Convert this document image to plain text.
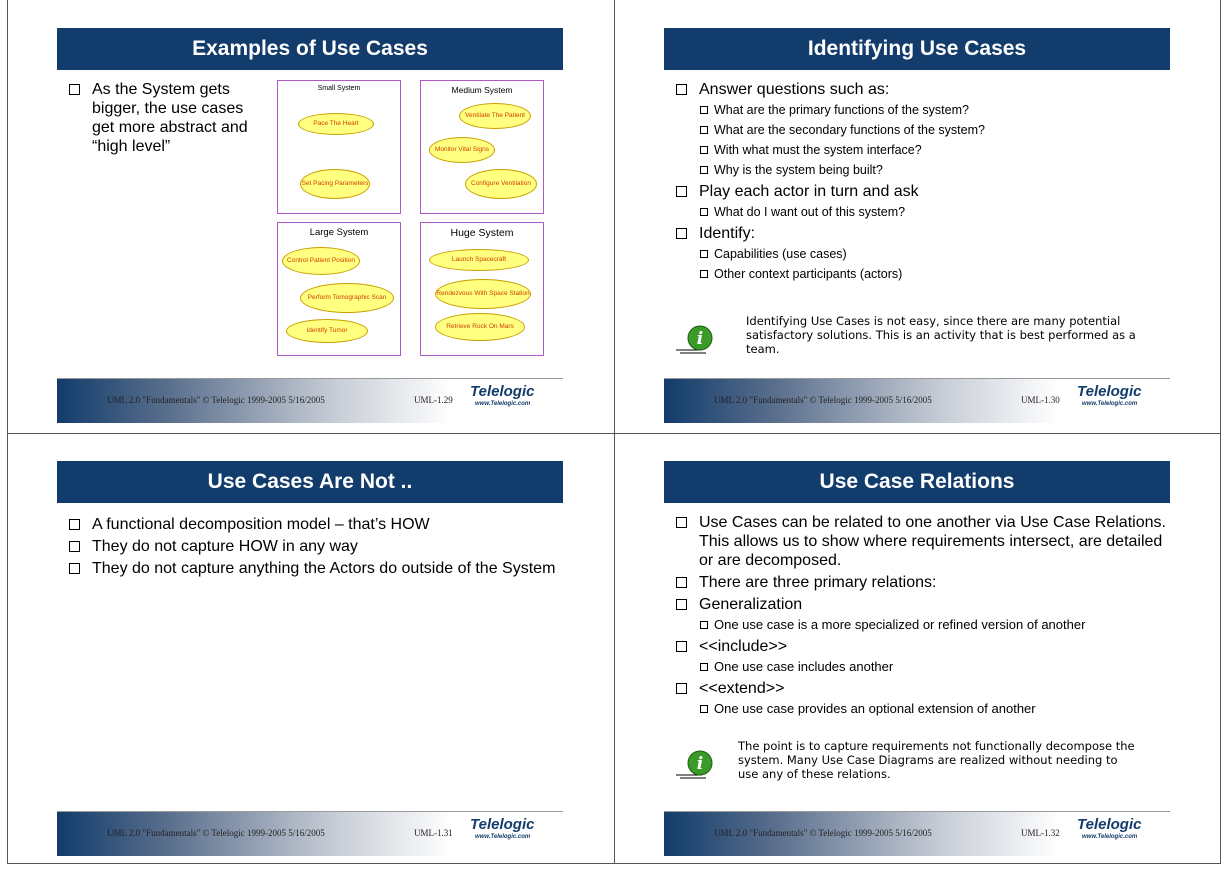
Examples of Use Cases
As the System gets bigger, the use cases get more abstract and “high level”
Small System
Pace The Heart
Set Pacing Parameters
Medium System
Ventilate The Patient
Monitor Vital Signs
Configure Ventilation
Large System
Control Patient Position
Perform Tomographic Scan
Identify Tumor
Huge System
Launch Spacecraft
Rendezvous With Space Station
Retrieve Rock On Mars
UML 2.0 "Fundamentals" © Telelogic 1999-2005 5/16/2005	UML-1.29 Telelogic
www.Telelogic.com
Identifying Use Cases
Answer questions such as:
What are the primary functions of the system?
What are the secondary functions of the system?
With what must the system interface?
Why is the system being built?
Play each actor in turn and ask
What do I want out of this system?
Identify:
Capabilities (use cases)
Other context participants (actors)
i
Identifying Use Cases is not easy, since there are many potential satisfactory solutions. This is an activity that is best performed as a team.
UML 2.0 "Fundamentals" © Telelogic 1999-2005 5/16/2005	UML-1.30 Telelogic
www.Telelogic.com
Use Cases Are Not ..
A functional decomposition model – that’s HOW
They do not capture HOW in any way
They do not capture anything the Actors do outside of the System
UML 2.0 "Fundamentals" © Telelogic 1999-2005 5/16/2005	UML-1.31 Telelogic
www.Telelogic.com
Use Case Relations
Use Cases can be related to one another via Use Case Relations. This allows us to show where requirements intersect, are detailed or are decomposed.
There are three primary relations:
Generalization
One use case is a more specialized or refined version of another
<<include>>
One use case includes another
<<extend>>
One use case provides an optional extension of another
i
The point is to capture requirements not functionally decompose the system. Many Use Case Diagrams are realized without needing to use any of these relations.
UML 2.0 "Fundamentals" © Telelogic 1999-2005 5/16/2005	UML-1.32 Telelogic
www.Telelogic.com
